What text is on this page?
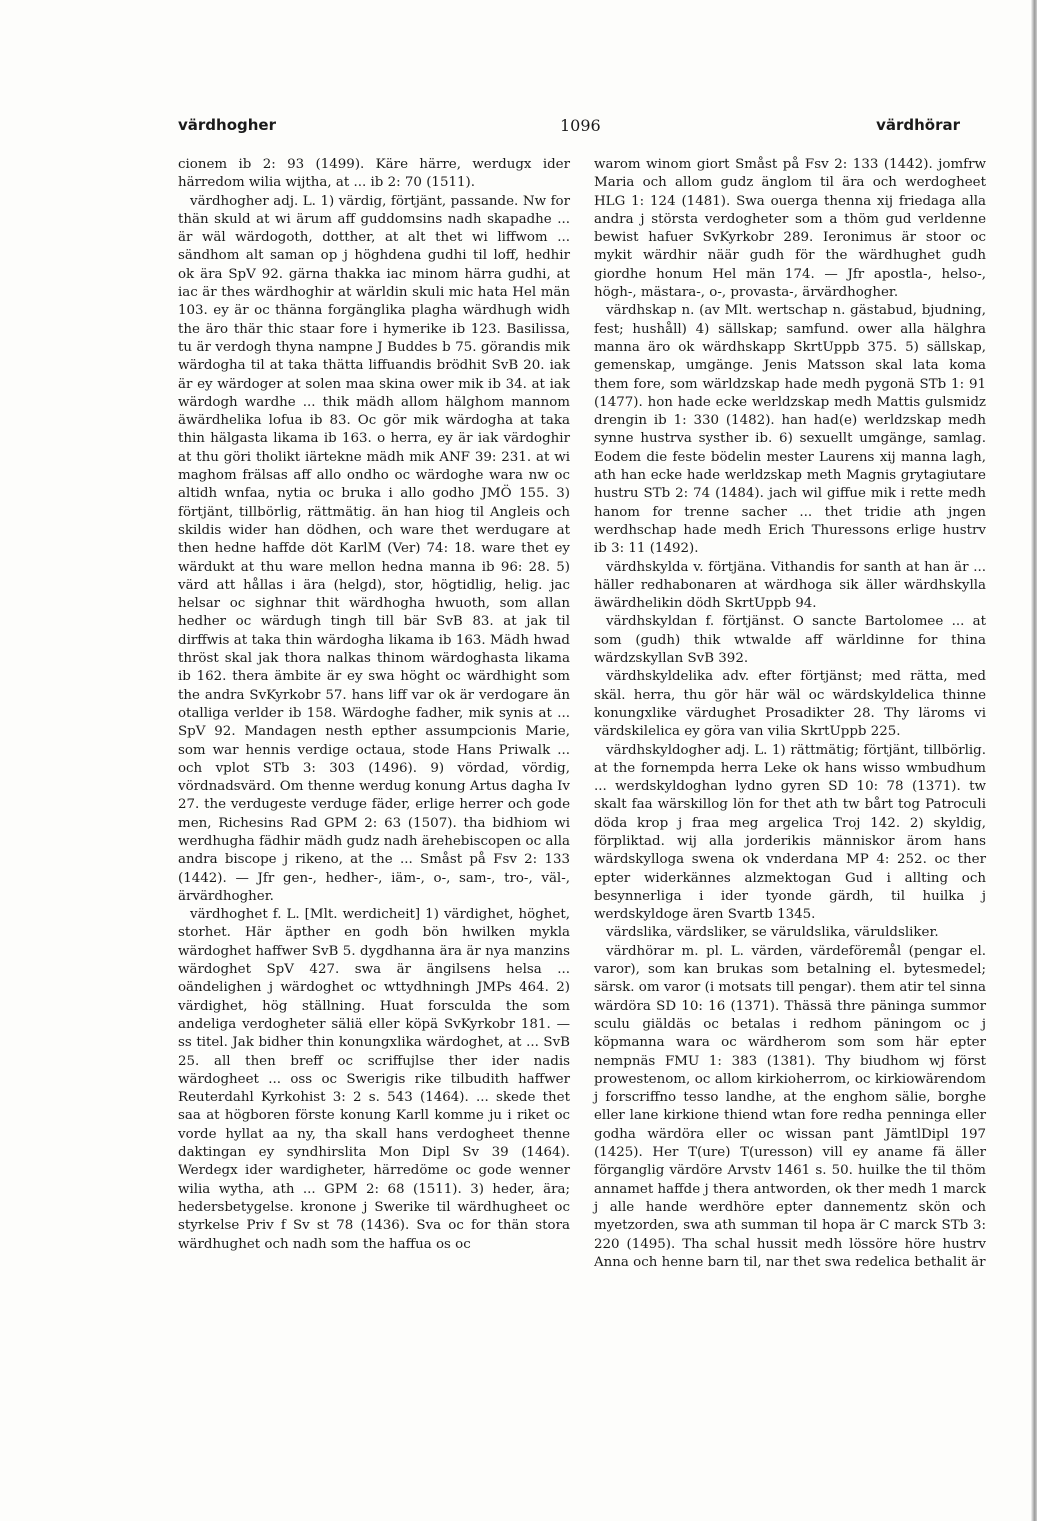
värdhogher	1096	värdhörar

cionem ib 2: 93 (1499). Käre härre, werdugx ider härredom wilia wijtha, at ... ib 2: 70 (1511).

värdhogher adj. L. 1) värdig, förtjänt, passande. Nw for thän skuld at wi ärum aff guddomsins nadh skapadhe ... är wäl wärdogoth, dotther, at alt thet wi liffwom ... sändhom alt saman op j höghdena gudhi til loff, hedhir ok ära SpV 92. gärna thakka iac minom härra gudhi, at iac är thes wärdhoghir at wärldin skuli mic hata Hel män 103. ey är oc thänna forgänglika plagha wärdhugh widh the äro thär thic staar fore i hymerike ib 123. Basilissa, tu är verdogh thyna nampne J Buddes b 75. görandis mik wärdogha til at taka thätta liffuandis brödhit SvB 20. iak är ey wärdoger at solen maa skina ower mik ib 34. at iak wärdogh wardhe ... thik mädh allom hälghom mannom äwärdhelika lofua ib 83. Oc gör mik wärdogha at taka thin hälgasta likama ib 163. o herra, ey är iak värdoghir at thu göri tholikt iärtekne mädh mik ANF 39: 231. at wi maghom frälsas aff allo ondho oc wärdoghe wara nw oc altidh wnfaa, nytia oc bruka i allo godho JMÖ 155. 3) förtjänt, tillbörlig, rättmätig. än han hiog til Angleis och skildis wider han dödhen, och ware thet werdugare at then hedne haffde döt KarlM (Ver) 74: 18. ware thet ey wärdukt at thu ware mellon hedna manna ib 96: 28. 5) värd att hållas i ära (helgd), stor, högtidlig, helig. jac helsar oc sighnar thit wärdhogha hwuoth, som allan hedher oc wärdugh tingh till bär SvB 83. at jak til dirffwis at taka thin wärdogha likama ib 163. Mädh hwad thröst skal jak thora nalkas thinom wärdoghasta likama ib 162. thera ämbite är ey swa höght oc wärdhight som the andra SvKyrkobr 57. hans liff var ok är verdogare än otalliga verlder ib 158. Wärdoghe fadher, mik synis at ... SpV 92. Mandagen nesth epther assumpcionis Marie, som war hennis verdige octaua, stode Hans Priwalk ... och vplot STb 3: 303 (1496). 9) vördad, vördig, vördnadsvärd. Om thenne werdug konung Artus dagha Iv 27. the verdugeste verduge fäder, erlige herrer och gode men, Richesins Rad GPM 2: 63 (1507). tha bidhiom wi werdhugha fädhir mädh gudz nadh ärehebiscopen oc alla andra biscope j rikeno, at the ... Småst på Fsv 2: 133 (1442). — Jfr gen-, hedher-, iäm-, o-, sam-, tro-, väl-, ärvärdhogher.

värdhoghet f. L. [Mlt. werdicheit] 1) värdighet, höghet, storhet. Här äpther en godh bön hwilken mykla wärdoghet haffwer SvB 5. dygdhanna ära är nya manzins wärdoghet SpV 427. swa är ängilsens helsa ... oändelighen j wärdoghet oc wttydhningh JMPs 464. 2) värdighet, hög ställning. Huat forsculda the som andeliga verdogheter säliä eller köpä SvKyrkobr 181. — ss titel. Jak bidher thin konungxlika wärdoghet, at ... SvB 25. all then breff oc scriffujlse ther ider nadis wärdogheet ... oss oc Swerigis rike tilbudith haffwer Reuterdahl Kyrkohist 3: 2 s. 543 (1464). ... skede thet saa at högboren förste konung Karll komme ju i riket oc vorde hyllat aa ny, tha skall hans verdogheet thenne daktingan ey syndhirslita Mon Dipl Sv 39 (1464). Werdegx ider wardigheter, härredöme oc gode wenner wilia wytha, ath ... GPM 2: 68 (1511). 3) heder, ära; hedersbetygelse. kronone j Swerike til wärdhugheet oc styrkelse Priv f Sv st 78 (1436). Sva oc for thän stora wärdhughet och nadh som the haffua os oc

warom winom giort Småst på Fsv 2: 133 (1442). jomfrw Maria och allom gudz änglom til ära och werdogheet HLG 1: 124 (1481). Swa ouerga thenna xij friedaga alla andra j största verdogheter som a thöm gud verldenne bewist hafuer SvKyrkobr 289. Ieronimus är stoor oc mykit wärdhir näär gudh för the wärdhughet gudh giordhe honum Hel män 174. — Jfr apostla-, helso-, högh-, mästara-, o-, provasta-, ärvärdhogher.

värdhskap n. (av Mlt. wertschap n. gästabud, bjudning, fest; hushåll) 4) sällskap; samfund. ower alla hälghra manna äro ok wärdhskapp SkrtUppb 375. 5) sällskap, gemenskap, umgänge. Jenis Matsson skal lata koma them fore, som wärldzskap hade medh pygonä STb 1: 91 (1477). hon hade ecke werldzskap medh Mattis gulsmidz drengin ib 1: 330 (1482). han had(e) werldzskap medh synne hustrva systher ib. 6) sexuellt umgänge, samlag. Eodem die feste bödelin mester Laurens xij manna lagh, ath han ecke hade werldzskap meth Magnis grytagiutare hustru STb 2: 74 (1484). jach wil giffue mik i rette medh hanom for trenne sacher ... thet tridie ath jngen werdhschap hade medh Erich Thuressons erlige hustrv ib 3: 11 (1492).

värdhskylda v. förtjäna. Vithandis for santh at han är ... häller redhabonaren at wärdhoga sik äller wärdhskylla äwärdhelikin dödh SkrtUppb 94.

värdhskyldan f. förtjänst. O sancte Bartolomee ... at som (gudh) thik wtwalde aff wärldinne for thina wärdzskyllan SvB 392.

värdhskyldelika adv. efter förtjänst; med rätta, med skäl. herra, thu gör här wäl oc wärdskyldelica thinne konungxlike värdughet Prosadikter 28. Thy läroms vi värdskilelica ey göra van vilia SkrtUppb 225.

värdhskyldogher adj. L. 1) rättmätig; förtjänt, tillbörlig. at the fornempda herra Leke ok hans wisso wmbudhum ... werdskyldoghan lydno gyren SD 10: 78 (1371). tw skalt faa wärskillog lön for thet ath tw bårt tog Patroculi döda krop j fraa meg argelica Troj 142. 2) skyldig, förpliktad. wij alla jorderikis människor ärom hans wärdskylloga swena ok vnderdana MP 4: 252. oc ther epter widerkännes alzmektogan Gud i allting och besynnerliga i ider tyonde gärdh, til huilka j werdskyldoge ären Svartb 1345.

värdslika, värdsliker, se väruldslika, väruldsliker.

värdhörar m. pl. L. värden, värdeföremål (pengar el. varor), som kan brukas som betalning el. bytesmedel; särsk. om varor (i motsats till pengar). them atir tel sinna wärdöra SD 10: 16 (1371). Thässä thre päninga summor sculu giäldäs oc betalas i redhom päningom oc j köpmanna wara oc wärdherom som som här epter nempnäs FMU 1: 383 (1381). Thy biudhom wj först prowestenom, oc allom kirkioherrom, oc kirkiowärendom j forscriffno tesso landhe, at the enghom sälie, borghe eller lane kirkione thiend wtan fore redha penninga eller godha wärdöra eller oc wissan pant JämtlDipl 197 (1425). Her T(ure) T(uresson) vill ey aname fä äller förganglig värdöre Arvstv 1461 s. 50. huilke the til thöm annamet haffde j thera antworden, ok ther medh 1 marck j alle hande werdhöre epter dannementz skön och myetzorden, swa ath summan til hopa är C marck STb 3: 220 (1495). Tha schal hussit medh lössöre höre hustrv Anna och henne barn til, nar thet swa redelica bethalit är
